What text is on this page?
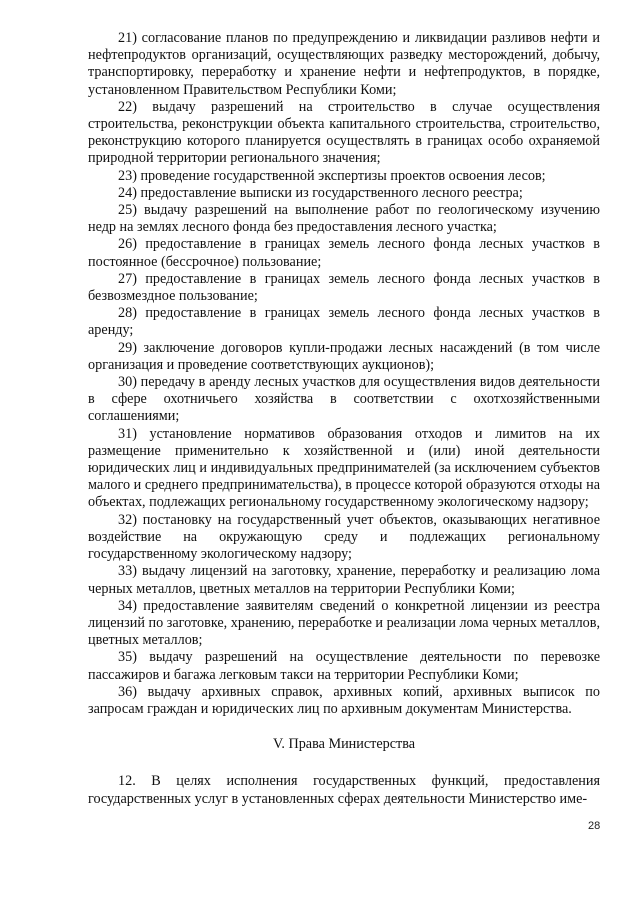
21) согласование планов по предупреждению и ликвидации разливов нефти и нефтепродуктов организаций, осуществляющих разведку месторождений, добычу, транспортировку, переработку и хранение нефти и нефтепродуктов, в порядке, установленном Правительством Республики Коми;

22) выдачу разрешений на строительство в случае осуществления строительства, реконструкции объекта капитального строительства, строительство, реконструкцию которого планируется осуществлять в границах особо охраняемой природной территории регионального значения;

23) проведение государственной экспертизы проектов освоения лесов;

24) предоставление выписки из государственного лесного реестра;

25) выдачу разрешений на выполнение работ по геологическому изучению недр на землях лесного фонда без предоставления лесного участка;

26) предоставление в границах земель лесного фонда лесных участков в постоянное (бессрочное) пользование;

27) предоставление в границах земель лесного фонда лесных участков в безвозмездное пользование;

28) предоставление в границах земель лесного фонда лесных участков в аренду;

29) заключение договоров купли-продажи лесных насаждений (в том числе организация и проведение соответствующих аукционов);

30) передачу в аренду лесных участков для осуществления видов деятельности в сфере охотничьего хозяйства в соответствии с охотхозяйственными соглашениями;

31) установление нормативов образования отходов и лимитов на их размещение применительно к хозяйственной и (или) иной деятельности юридических лиц и индивидуальных предпринимателей (за исключением субъектов малого и среднего предпринимательства), в процессе которой образуются отходы на объектах, подлежащих региональному государственному экологическому надзору;

32) постановку на государственный учет объектов, оказывающих негативное воздействие на окружающую среду и подлежащих региональному государственному экологическому надзору;

33) выдачу лицензий на заготовку, хранение, переработку и реализацию лома черных металлов, цветных металлов на территории Республики Коми;

34) предоставление заявителям сведений о конкретной лицензии из реестра лицензий по заготовке, хранению, переработке и реализации лома черных металлов, цветных металлов;

35) выдачу разрешений на осуществление деятельности по перевозке пассажиров и багажа легковым такси на территории Республики Коми;

36) выдачу архивных справок, архивных копий, архивных выписок по запросам граждан и юридических лиц по архивным документам Министерства.

V. Права Министерства

12. В целях исполнения государственных функций, предоставления государственных услуг в установленных сферах деятельности Министерство име-

28
